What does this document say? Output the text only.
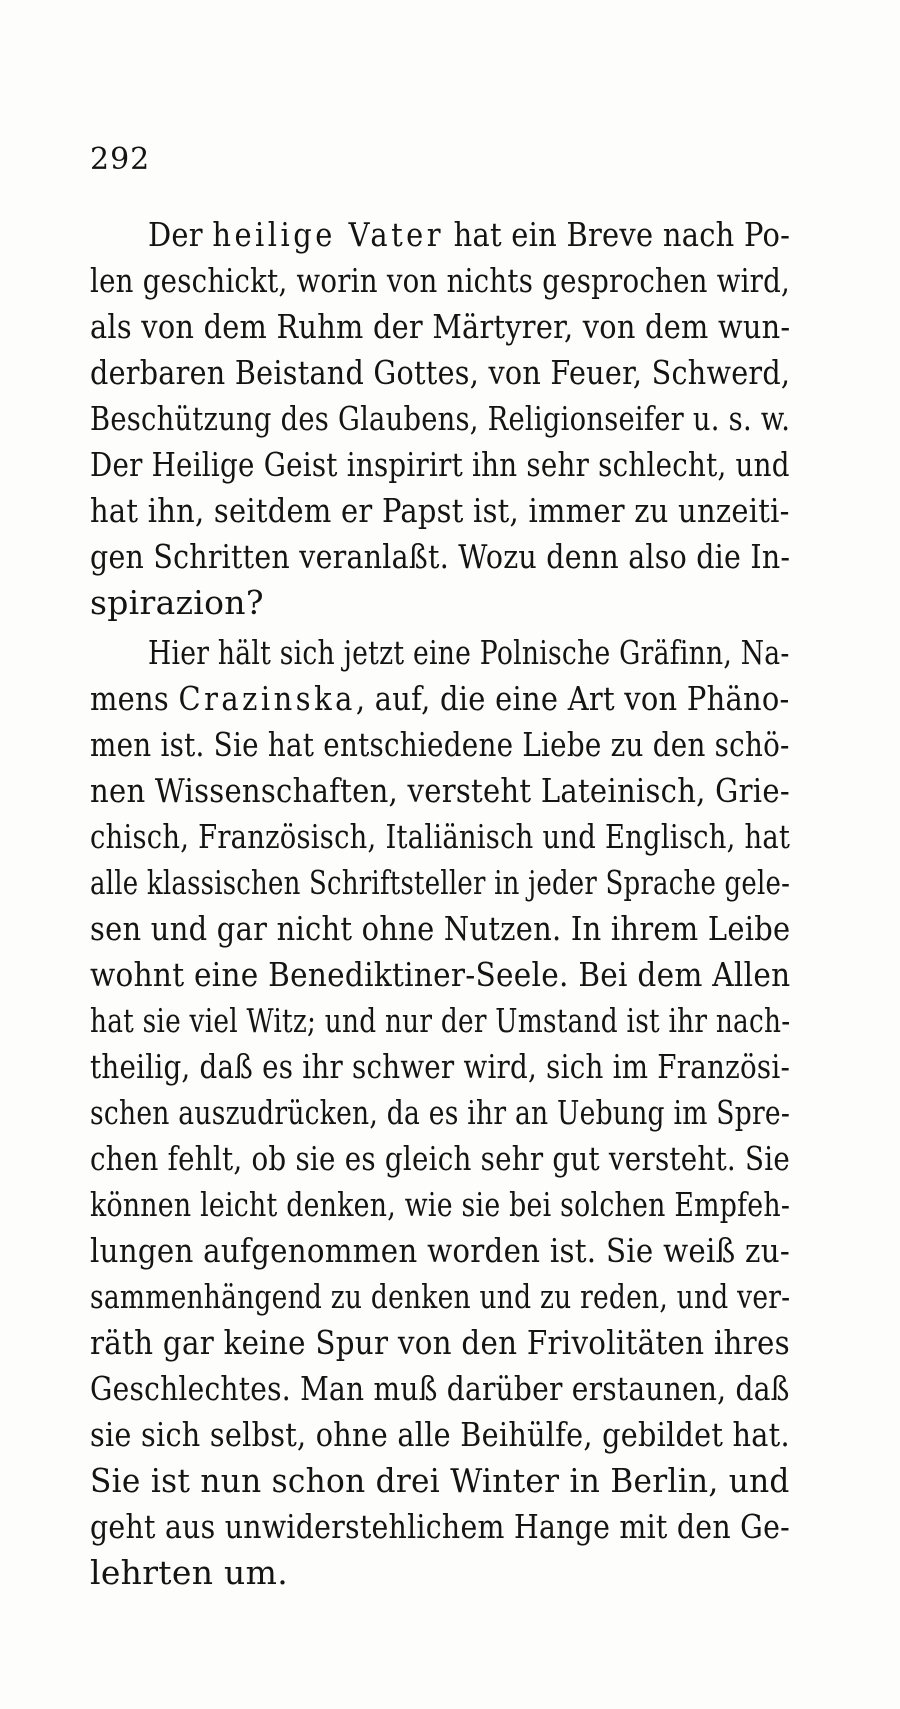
292
Der heilige Vater hat ein Breve nach Po-
len geschickt, worin von nichts gesprochen wird,
als von dem Ruhm der Märtyrer, von dem wun-
derbaren Beistand Gottes, von Feuer, Schwerd,
Beschützung des Glaubens, Religionseifer u. s. w.
Der Heilige Geist inspirirt ihn sehr schlecht, und
hat ihn, seitdem er Papst ist, immer zu unzeiti-
gen Schritten veranlaßt. Wozu denn also die In-
spirazion?
Hier hält sich jetzt eine Polnische Gräfinn, Na-
mens Crazinska, auf, die eine Art von Phäno-
men ist. Sie hat entschiedene Liebe zu den schö-
nen Wissenschaften, versteht Lateinisch, Grie-
chisch, Französisch, Italiänisch und Englisch, hat
alle klassischen Schriftsteller in jeder Sprache gele-
sen und gar nicht ohne Nutzen. In ihrem Leibe
wohnt eine Benediktiner-Seele. Bei dem Allen
hat sie viel Witz; und nur der Umstand ist ihr nach-
theilig, daß es ihr schwer wird, sich im Französi-
schen auszudrücken, da es ihr an Uebung im Spre-
chen fehlt, ob sie es gleich sehr gut versteht. Sie
können leicht denken, wie sie bei solchen Empfeh-
lungen aufgenommen worden ist. Sie weiß zu-
sammenhängend zu denken und zu reden, und ver-
räth gar keine Spur von den Frivolitäten ihres
Geschlechtes. Man muß darüber erstaunen, daß
sie sich selbst, ohne alle Beihülfe, gebildet hat.
Sie ist nun schon drei Winter in Berlin, und
geht aus unwiderstehlichem Hange mit den Ge-
lehrten um.
